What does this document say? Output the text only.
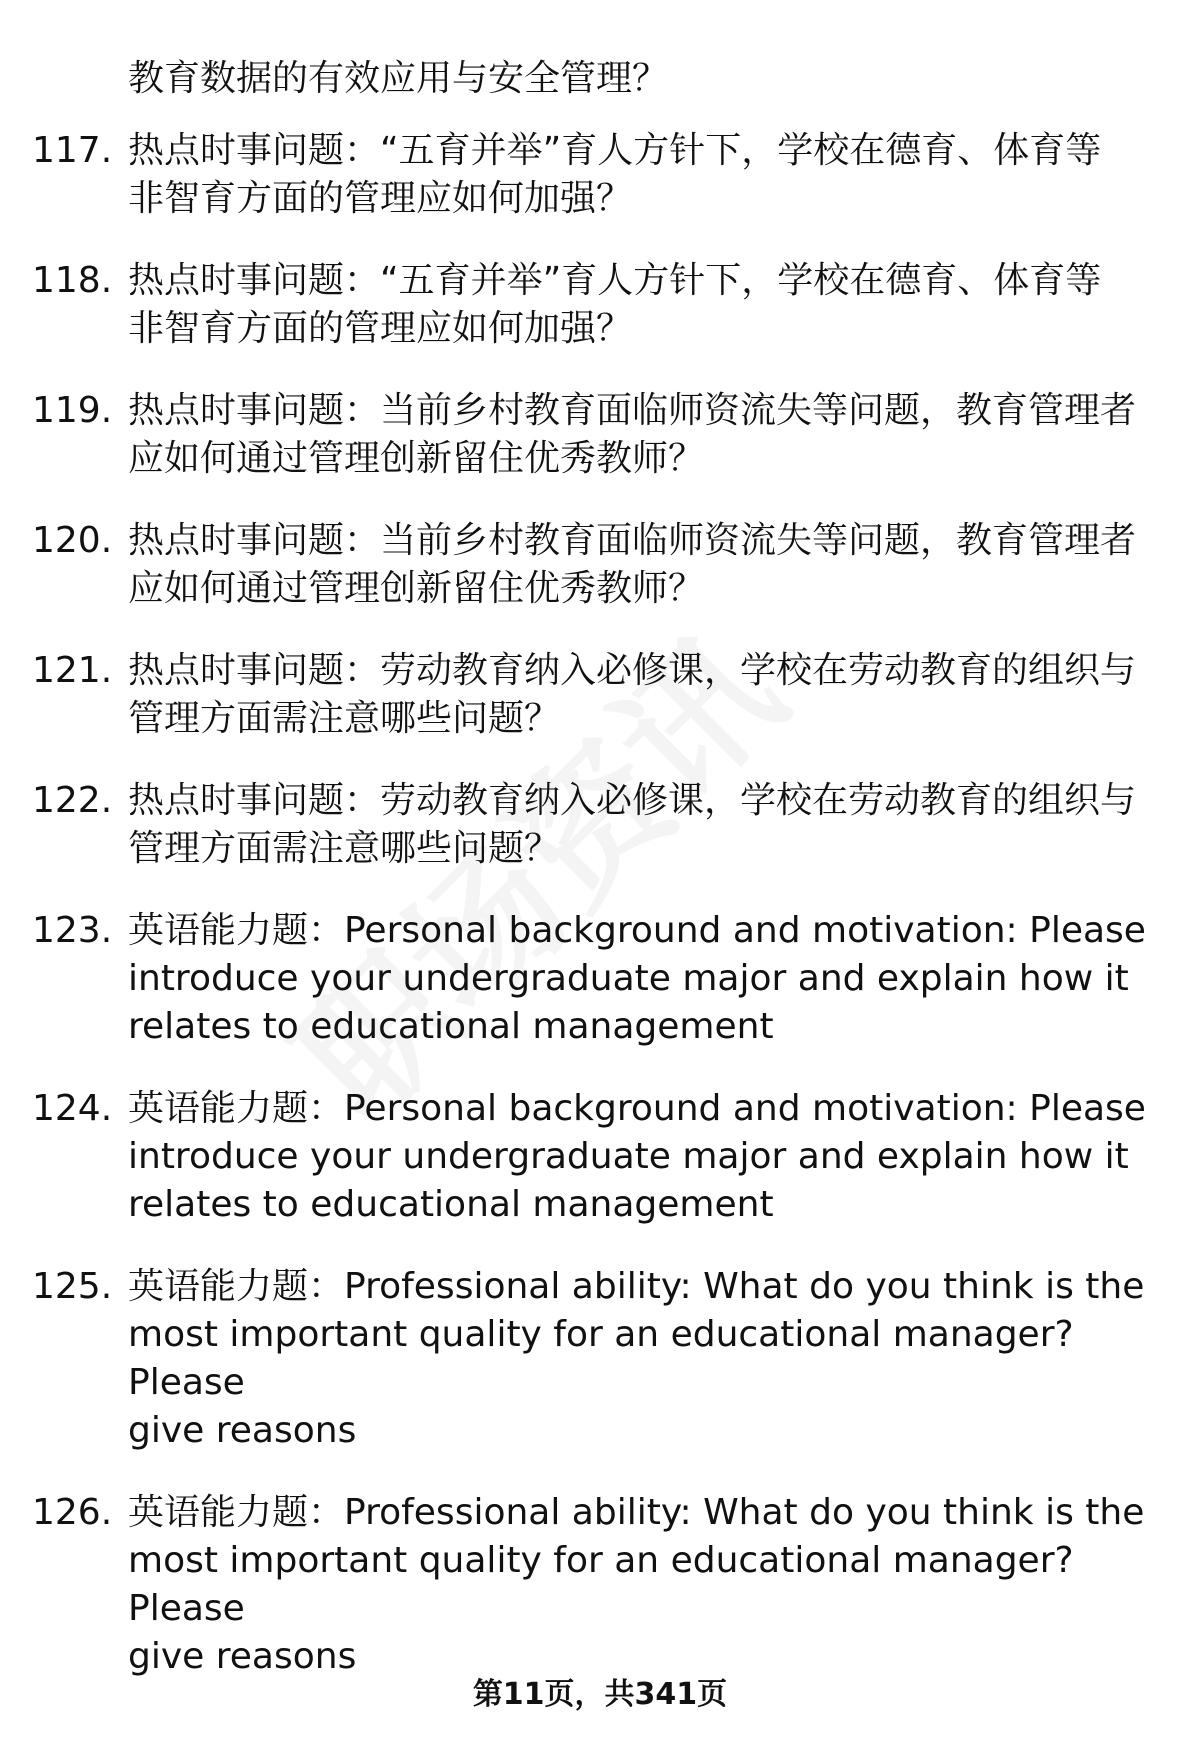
教育数据的有效应用与安全管理？
117. 热点时事问题：“五育并举”育人方针下，学校在德育、体育等
非智育方面的管理应如何加强？
118. 热点时事问题：“五育并举”育人方针下，学校在德育、体育等
非智育方面的管理应如何加强？
119. 热点时事问题：当前乡村教育面临师资流失等问题，教育管理者
应如何通过管理创新留住优秀教师？
120. 热点时事问题：当前乡村教育面临师资流失等问题，教育管理者
应如何通过管理创新留住优秀教师？
121. 热点时事问题：劳动教育纳入必修课，学校在劳动教育的组织与
管理方面需注意哪些问题？
122. 热点时事问题：劳动教育纳入必修课，学校在劳动教育的组织与
管理方面需注意哪些问题？
123. 英语能力题：Personal background and motivation: Please
introduce your undergraduate major and explain how it
relates to educational management
124. 英语能力题：Personal background and motivation: Please
introduce your undergraduate major and explain how it
relates to educational management
125. 英语能力题：Professional ability: What do you think is the
most important quality for an educational manager? Please
give reasons
126. 英语能力题：Professional ability: What do you think is the
most important quality for an educational manager? Please
give reasons
第11页，共341页
